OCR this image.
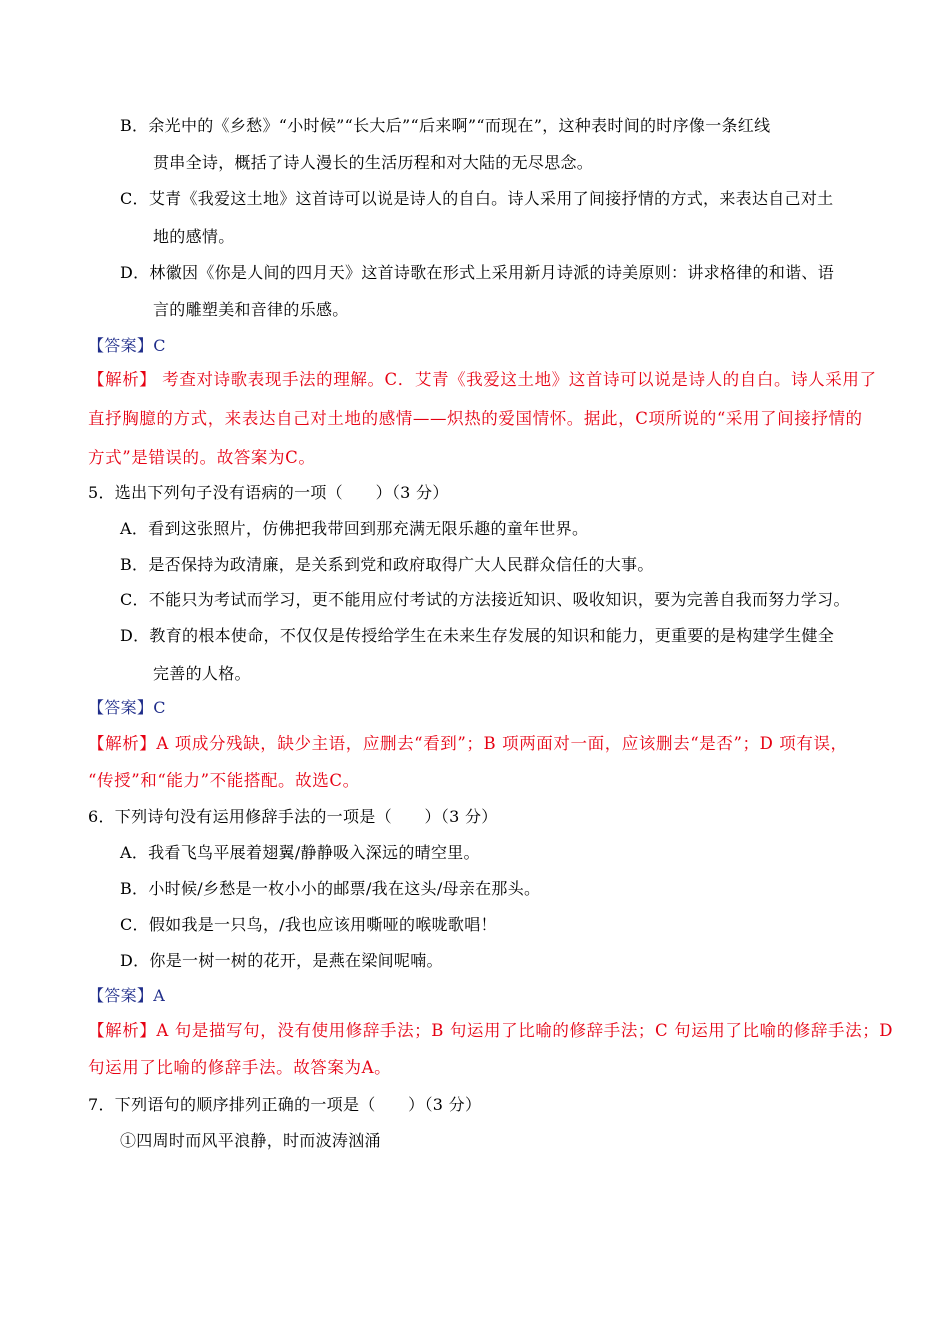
B．余光中的《乡愁》“小时候”“长大后”“后来啊”“而现在”，这种表时间的时序像一条红线
贯串全诗，概括了诗人漫长的生活历程和对大陆的无尽思念。
C．艾青《我爱这土地》这首诗可以说是诗人的自白。诗人采用了间接抒情的方式，来表达自己对土
地的感情。
D．林徽因《你是人间的四月天》这首诗歌在形式上采用新月诗派的诗美原则：讲求格律的和谐、语
言的雕塑美和音律的乐感。
【答案】C
【解析】 考查对诗歌表现手法的理解。C．艾青《我爱这土地》这首诗可以说是诗人的自白。诗人采用了
直抒胸臆的方式，来表达自己对土地的感情——炽热的爱国情怀。据此，C项所说的“采用了间接抒情的
方式”是错误的。故答案为C。
5．选出下列句子没有语病的一项（　　）（3 分）
A．看到这张照片，仿佛把我带回到那充满无限乐趣的童年世界。
B．是否保持为政清廉，是关系到党和政府取得广大人民群众信任的大事。
C．不能只为考试而学习，更不能用应付考试的方法接近知识、吸收知识，要为完善自我而努力学习。
D．教育的根本使命，不仅仅是传授给学生在未来生存发展的知识和能力，更重要的是构建学生健全
完善的人格。
【答案】C
【解析】A 项成分残缺，缺少主语，应删去“看到”；B 项两面对一面，应该删去“是否”；D 项有误，
“传授”和“能力”不能搭配。故选C。
6．下列诗句没有运用修辞手法的一项是（　　）（3 分）
A．我看飞鸟平展着翅翼/静静吸入深远的晴空里。
B．小时候/乡愁是一枚小小的邮票/我在这头/母亲在那头。
C．假如我是一只鸟，/我也应该用嘶哑的喉咙歌唱！
D．你是一树一树的花开，是燕在梁间呢喃。
【答案】A
【解析】A 句是描写句，没有使用修辞手法；B 句运用了比喻的修辞手法；C 句运用了比喻的修辞手法；D
句运用了比喻的修辞手法。故答案为A。
7．下列语句的顺序排列正确的一项是（　　）（3 分）
①四周时而风平浪静，时而波涛汹涌
